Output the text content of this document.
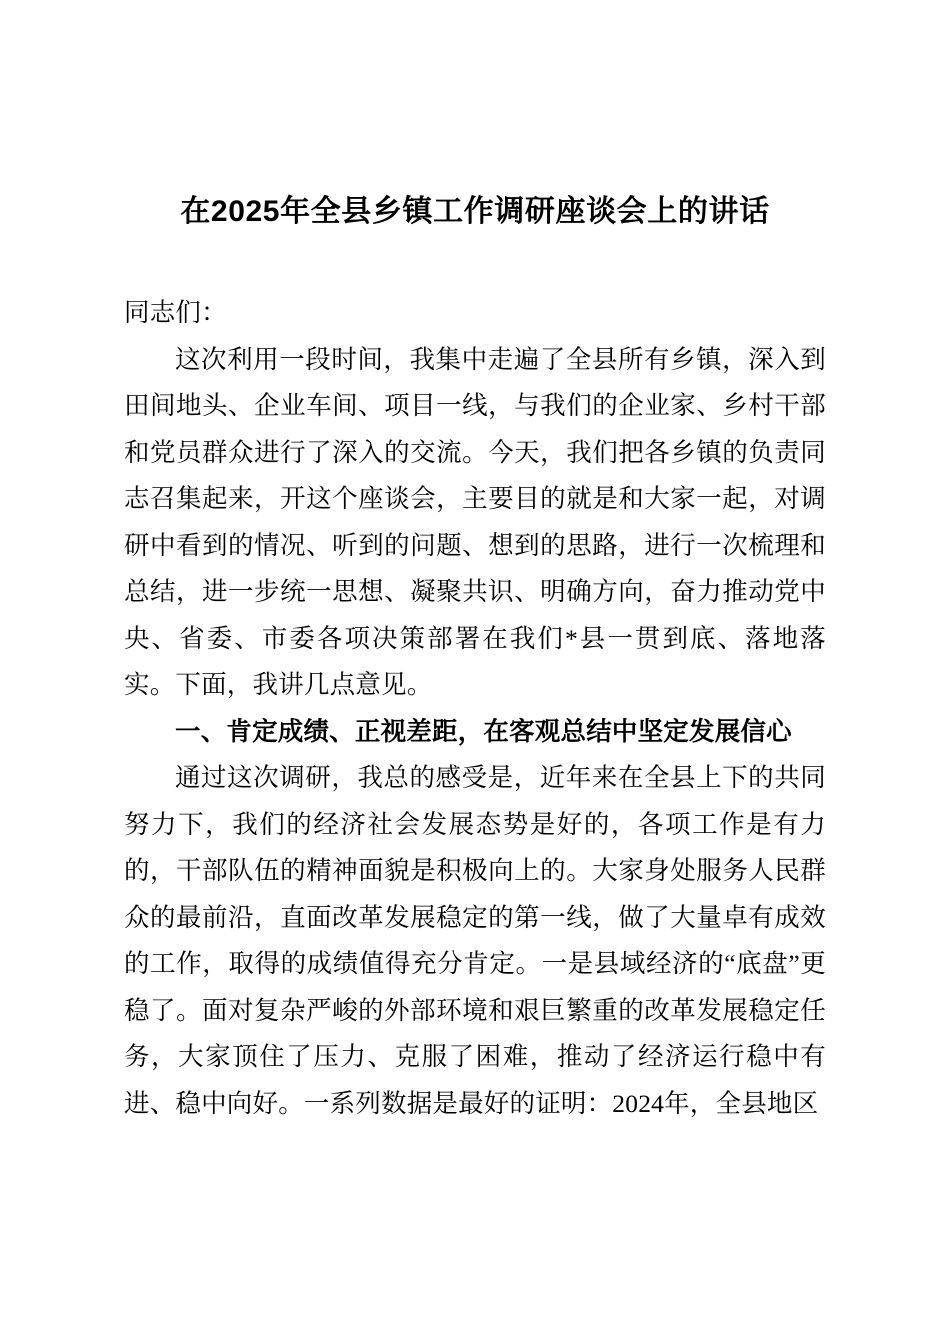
在2025年全县乡镇工作调研座谈会上的讲话

同志们：

这次利用一段时间，我集中走遍了全县所有乡镇，深入到田间地头、企业车间、项目一线，与我们的企业家、乡村干部和党员群众进行了深入的交流。今天，我们把各乡镇的负责同志召集起来，开这个座谈会，主要目的就是和大家一起，对调研中看到的情况、听到的问题、想到的思路，进行一次梳理和总结，进一步统一思想、凝聚共识、明确方向，奋力推动党中央、省委、市委各项决策部署在我们*县一贯到底、落地落实。下面，我讲几点意见。

一、肯定成绩、正视差距，在客观总结中坚定发展信心

通过这次调研，我总的感受是，近年来在全县上下的共同努力下，我们的经济社会发展态势是好的，各项工作是有力的，干部队伍的精神面貌是积极向上的。大家身处服务人民群众的最前沿，直面改革发展稳定的第一线，做了大量卓有成效的工作，取得的成绩值得充分肯定。一是县域经济的“底盘”更稳了。面对复杂严峻的外部环境和艰巨繁重的改革发展稳定任务，大家顶住了压力、克服了困难，推动了经济运行稳中有进、稳中向好。一系列数据是最好的证明：2024年，全县地区
